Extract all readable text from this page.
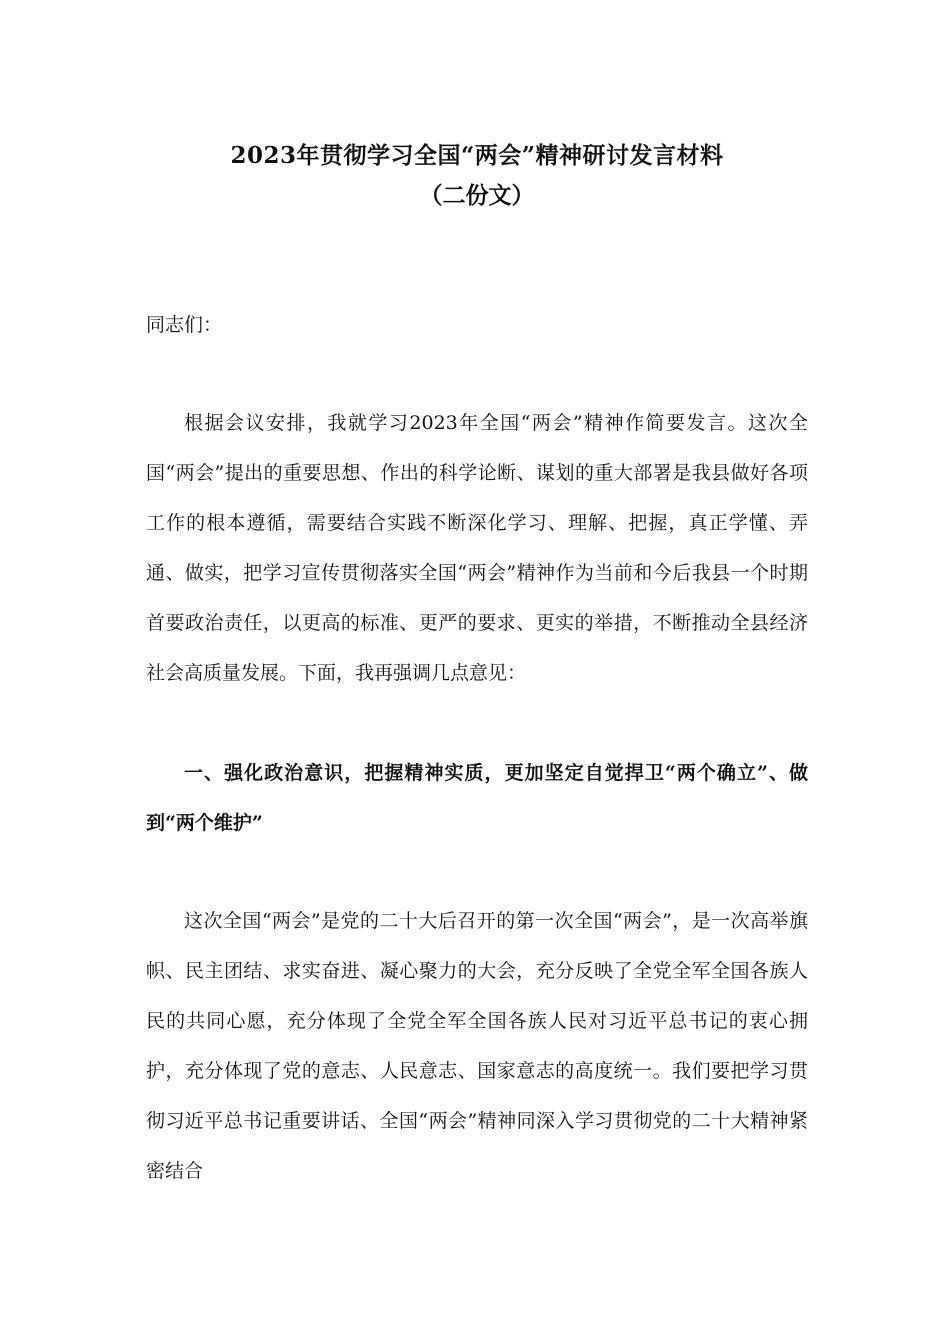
2023年贯彻学习全国“两会”精神研讨发言材料
（二份文）

同志们：

根据会议安排，我就学习2023年全国“两会”精神作简要发言。这次全国“两会”提出的重要思想、作出的科学论断、谋划的重大部署是我县做好各项工作的根本遵循，需要结合实践不断深化学习、理解、把握，真正学懂、弄通、做实，把学习宣传贯彻落实全国“两会”精神作为当前和今后我县一个时期首要政治责任，以更高的标准、更严的要求、更实的举措，不断推动全县经济社会高质量发展。下面，我再强调几点意见：

一、强化政治意识，把握精神实质，更加坚定自觉捍卫“两个确立”、做到“两个维护”

这次全国“两会”是党的二十大后召开的第一次全国“两会”，是一次高举旗帜、民主团结、求实奋进、凝心聚力的大会，充分反映了全党全军全国各族人民的共同心愿，充分体现了全党全军全国各族人民对习近平总书记的衷心拥护，充分体现了党的意志、人民意志、国家意志的高度统一。我们要把学习贯彻习近平总书记重要讲话、全国“两会”精神同深入学习贯彻党的二十大精神紧密结合
